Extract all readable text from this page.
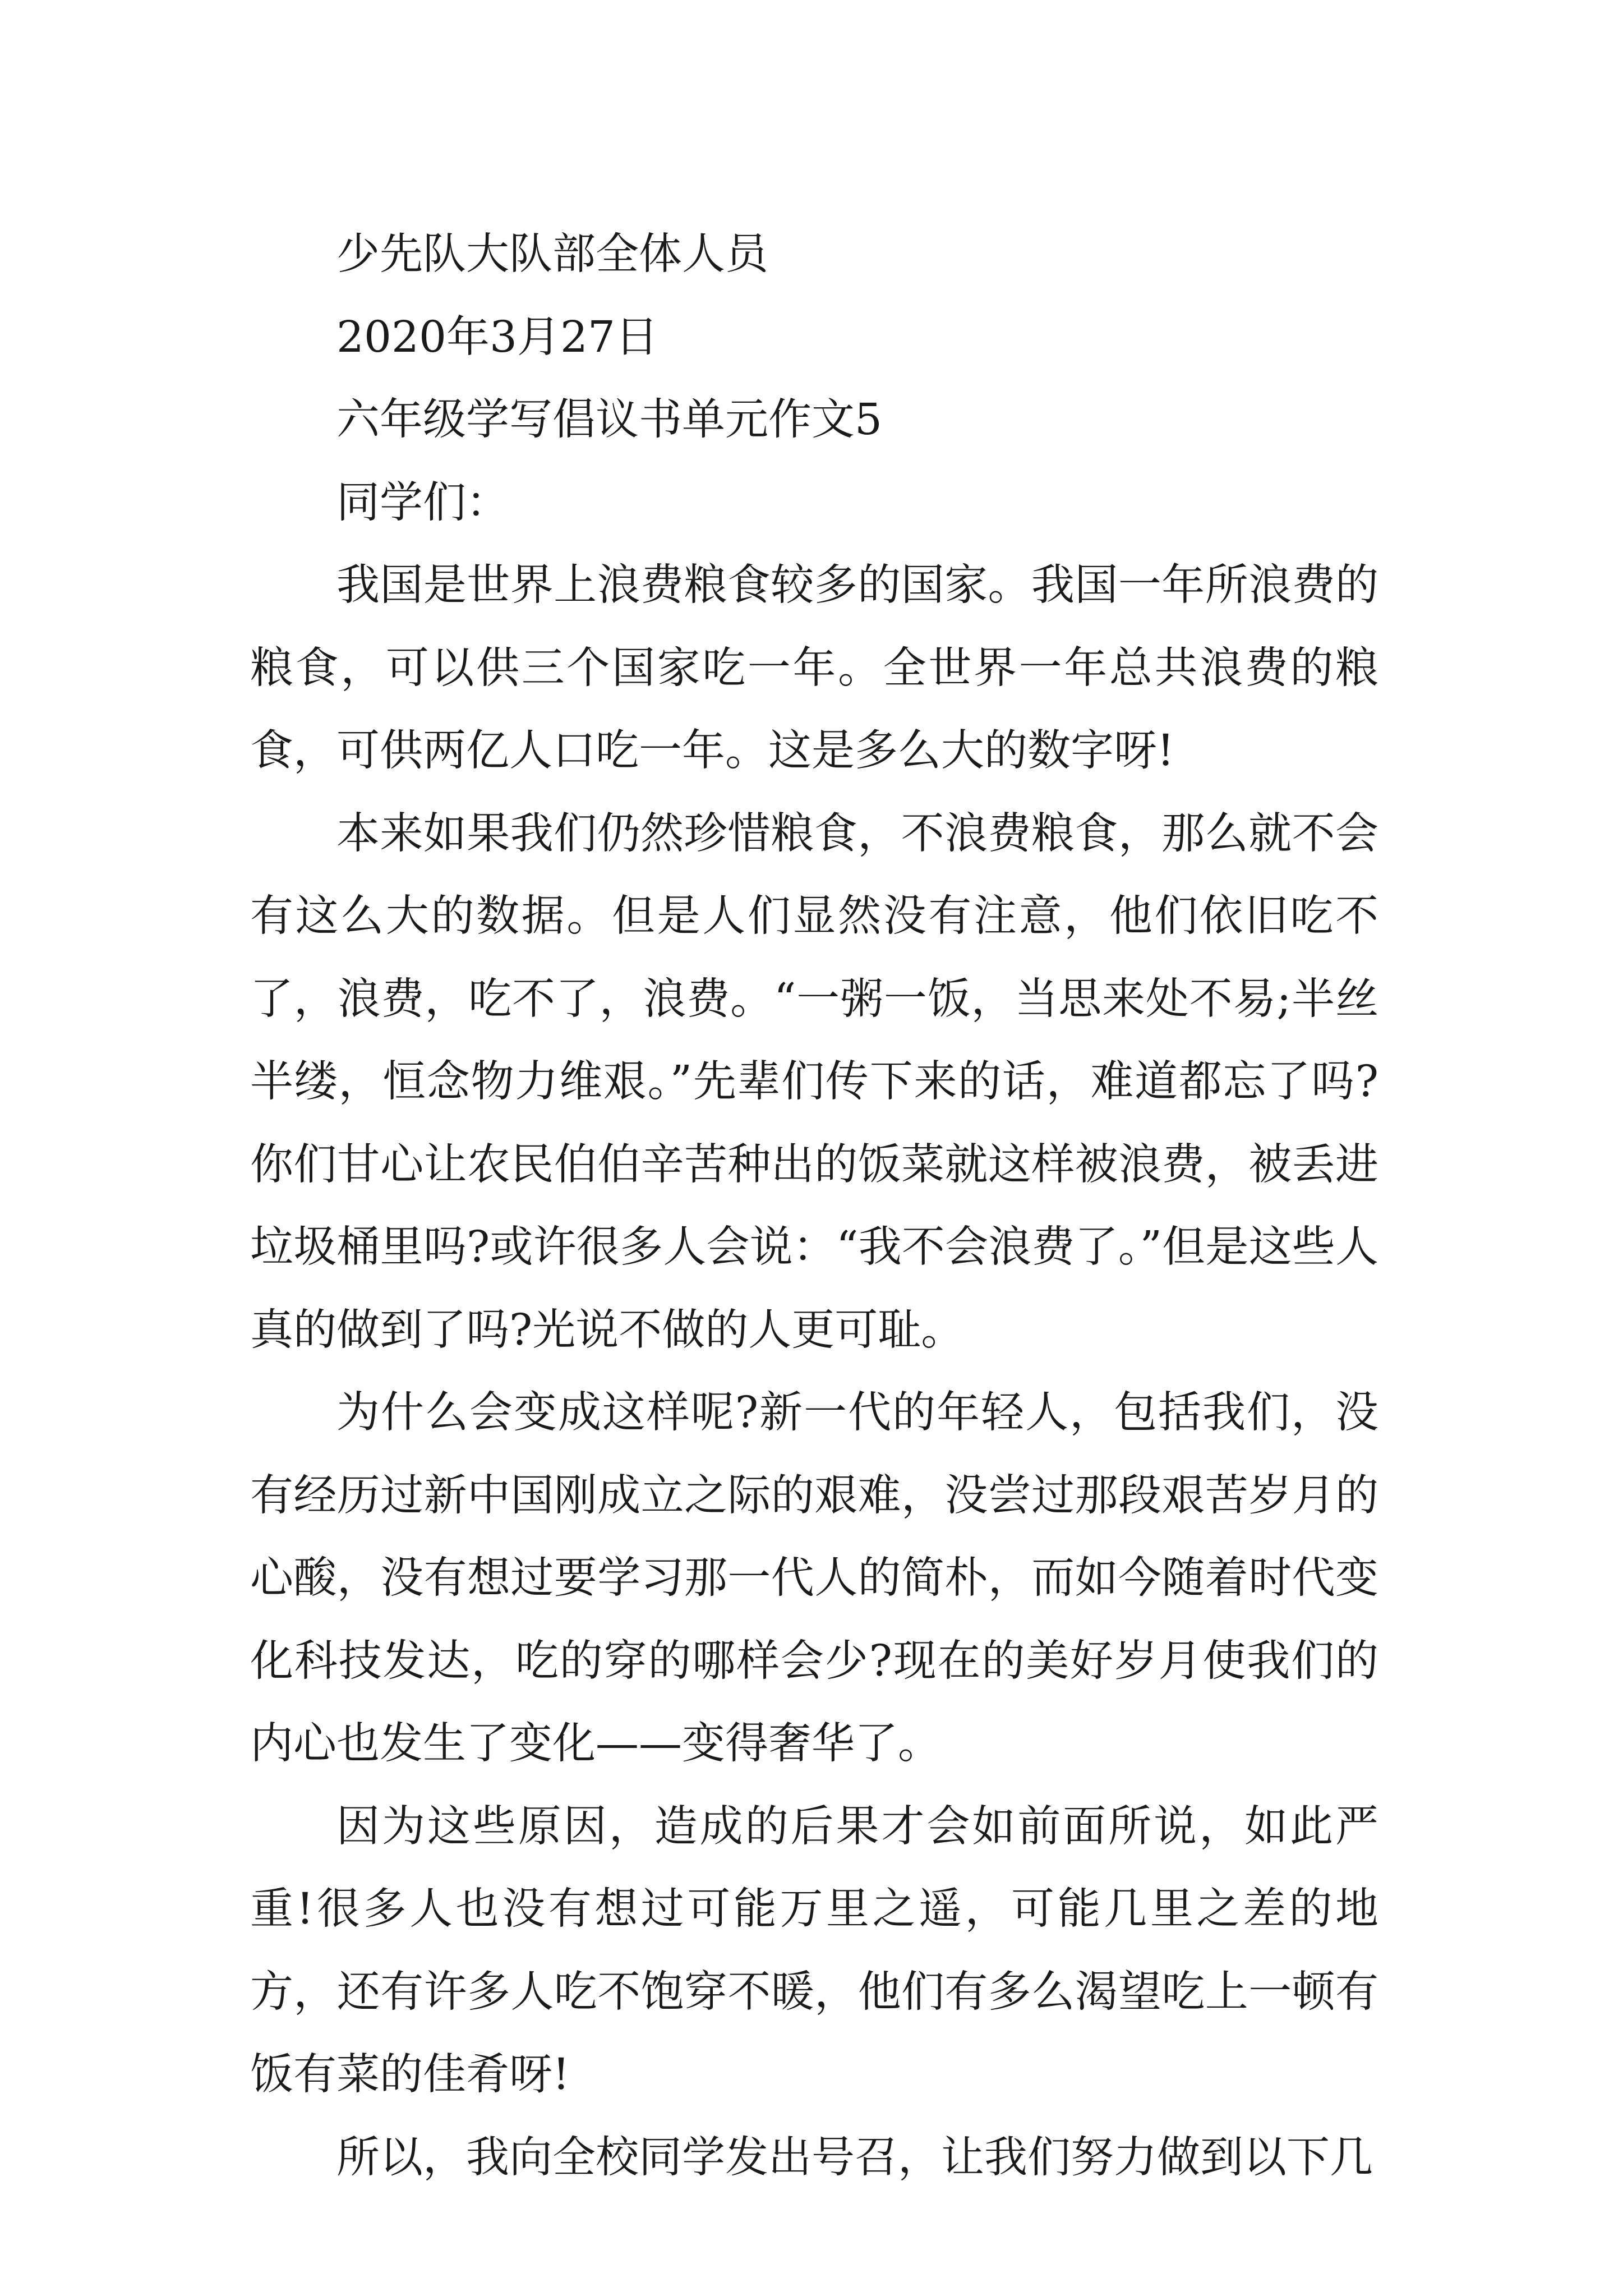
少先队大队部全体人员

2020年3月27日

六年级学写倡议书单元作文5

同学们：

我国是世界上浪费粮食较多的国家。我国一年所浪费的粮食，可以供三个国家吃一年。全世界一年总共浪费的粮食，可供两亿人口吃一年。这是多么大的数字呀!

本来如果我们仍然珍惜粮食，不浪费粮食，那么就不会有这么大的数据。但是人们显然没有注意，他们依旧吃不了，浪费，吃不了，浪费。“一粥一饭，当思来处不易;半丝半缕，恒念物力维艰。”先辈们传下来的话，难道都忘了吗?你们甘心让农民伯伯辛苦种出的饭菜就这样被浪费，被丢进垃圾桶里吗?或许很多人会说：“我不会浪费了。”但是这些人真的做到了吗?光说不做的人更可耻。

为什么会变成这样呢?新一代的年轻人，包括我们，没有经历过新中国刚成立之际的艰难，没尝过那段艰苦岁月的心酸，没有想过要学习那一代人的简朴，而如今随着时代变化科技发达，吃的穿的哪样会少?现在的美好岁月使我们的内心也发生了变化——变得奢华了。

因为这些原因，造成的后果才会如前面所说，如此严重!很多人也没有想过可能万里之遥，可能几里之差的地方，还有许多人吃不饱穿不暖，他们有多么渴望吃上一顿有饭有菜的佳肴呀!

所以，我向全校同学发出号召，让我们努力做到以下几
